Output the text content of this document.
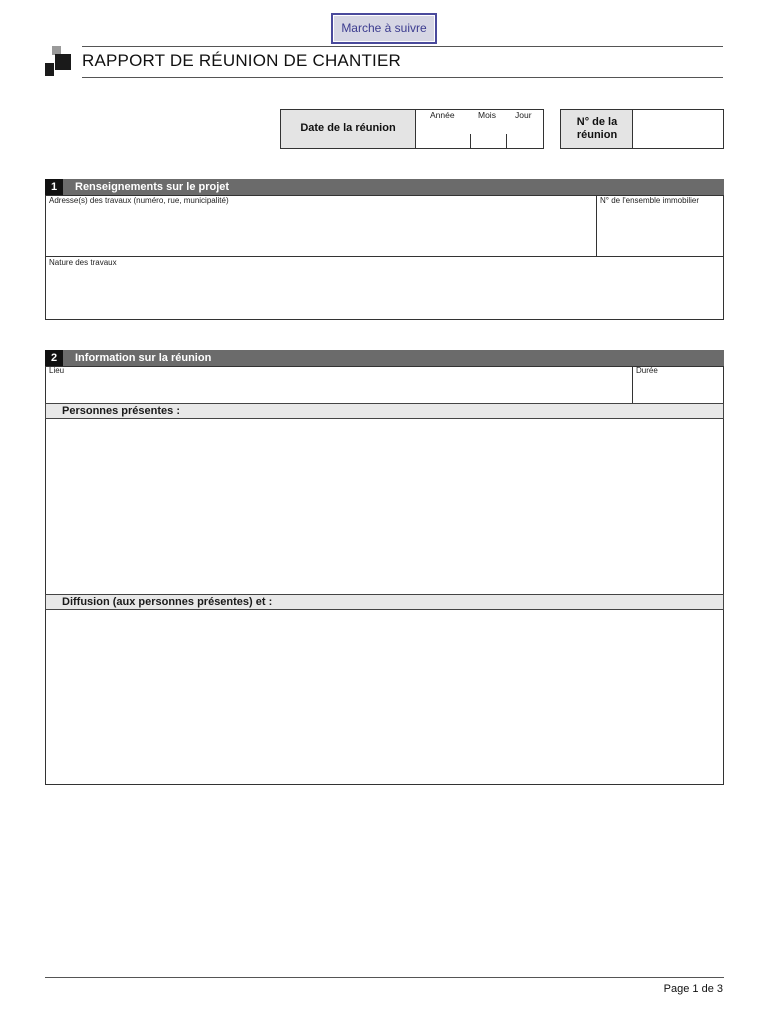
Marche à suivre
RAPPORT DE RÉUNION DE CHANTIER
Date de la réunion
Année	Mois Jour
N° de la réunion
1 Renseignements sur le projet
Adresse(s) des travaux (numéro, rue, municipalité)	N° de l'ensemble immobilier
Nature des travaux
2 Information sur la réunion
Lieu	Durée
Personnes présentes :
Diffusion (aux personnes présentes) et :
Page 1 de 3
